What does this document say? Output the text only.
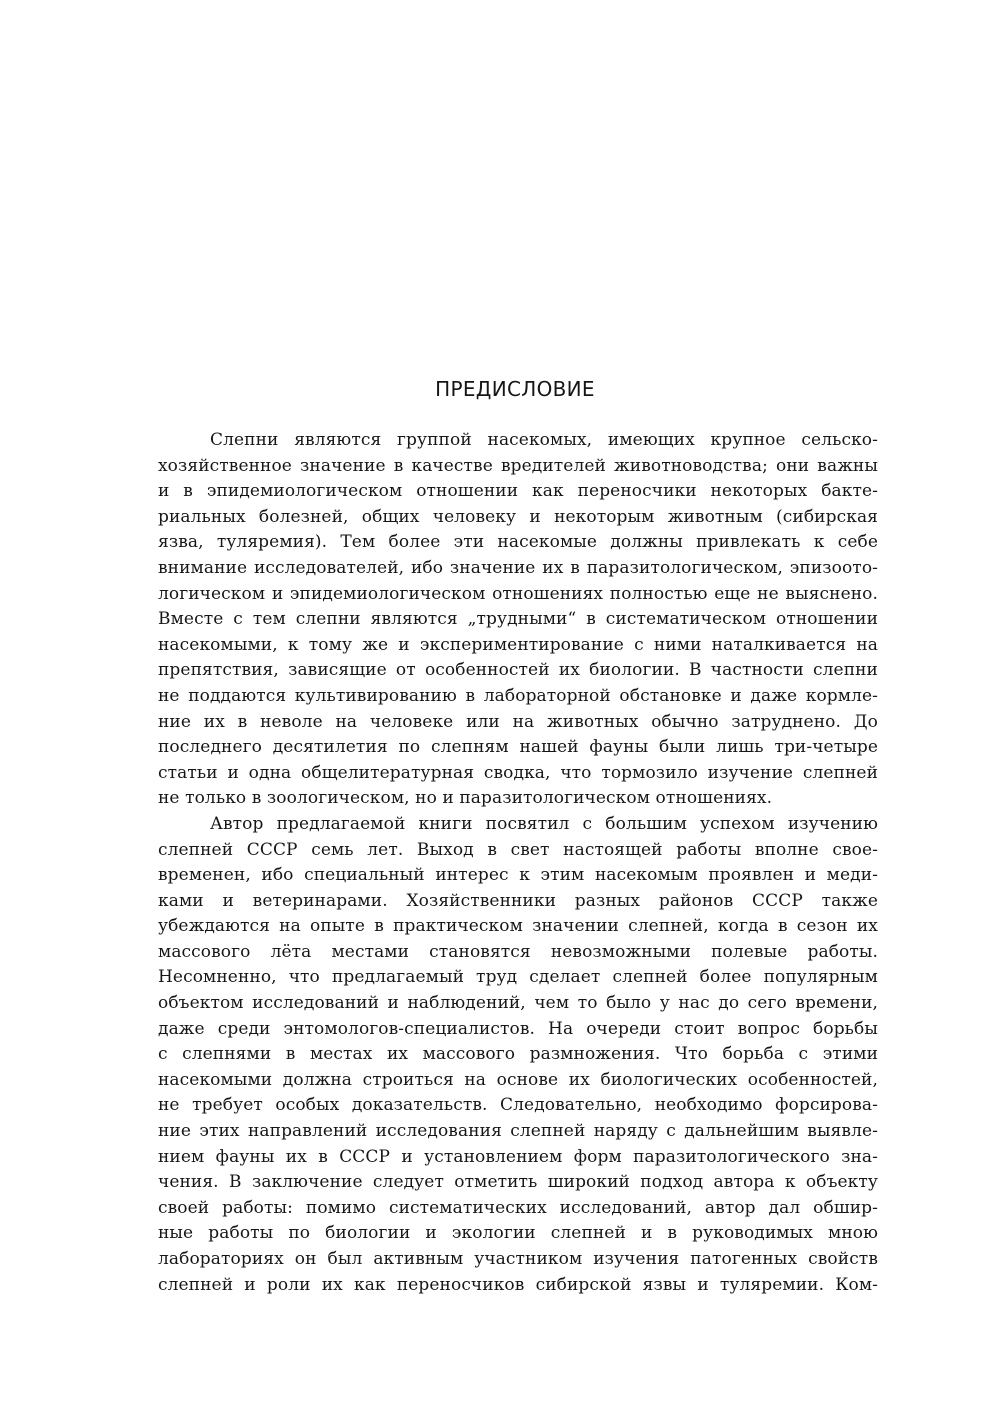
ПРЕДИСЛОВИЕ
Слепни являются группой насекомых, имеющих крупное сельско-
хозяйственное значение в качестве вредителей животноводства; они важны
и в эпидемиологическом отношении как переносчики некоторых бакте-
риальных болезней, общих человеку и некоторым животным (сибирская
язва, туляремия). Тем более эти насекомые должны привлекать к себе
внимание исследователей, ибо значение их в паразитологическом, эпизоото-
логическом и эпидемиологическом отношениях полностью еще не выяснено.
Вместе с тем слепни являются „трудными“ в систематическом отношении
насекомыми, к тому же и экспериментирование с ними наталкивается на
препятствия, зависящие от особенностей их биологии. В частности слепни
не поддаются культивированию в лабораторной обстановке и даже кормле-
ние их в неволе на человеке или на животных обычно затруднено. До
последнего десятилетия по слепням нашей фауны были лишь три-четыре
статьи и одна общелитературная сводка, что тормозило изучение слепней
не только в зоологическом, но и паразитологическом отношениях.
Автор предлагаемой книги посвятил с большим успехом изучению
слепней СССР семь лет. Выход в свет настоящей работы вполне свое-
временен, ибо специальный интерес к этим насекомым проявлен и меди-
ками и ветеринарами. Хозяйственники разных районов СССР также
убеждаются на опыте в практическом значении слепней, когда в сезон их
массового лёта местами становятся невозможными полевые работы.
Несомненно, что предлагаемый труд сделает слепней более популярным
объектом исследований и наблюдений, чем то было у нас до сего времени,
даже среди энтомологов-специалистов. На очереди стоит вопрос борьбы
с слепнями в местах их массового размножения. Что борьба с этими
насекомыми должна строиться на основе их биологических особенностей,
не требует особых доказательств. Следовательно, необходимо форсирова-
ние этих направлений исследования слепней наряду с дальнейшим выявле-
нием фауны их в СССР и установлением форм паразитологического зна-
чения. В заключение следует отметить широкий подход автора к объекту
своей работы: помимо систематических исследований, автор дал обшир-
ные работы по биологии и экологии слепней и в руководимых мною
лабораториях он был активным участником изучения патогенных свойств
слепней и роли их как переносчиков сибирской язвы и туляремии. Ком-
